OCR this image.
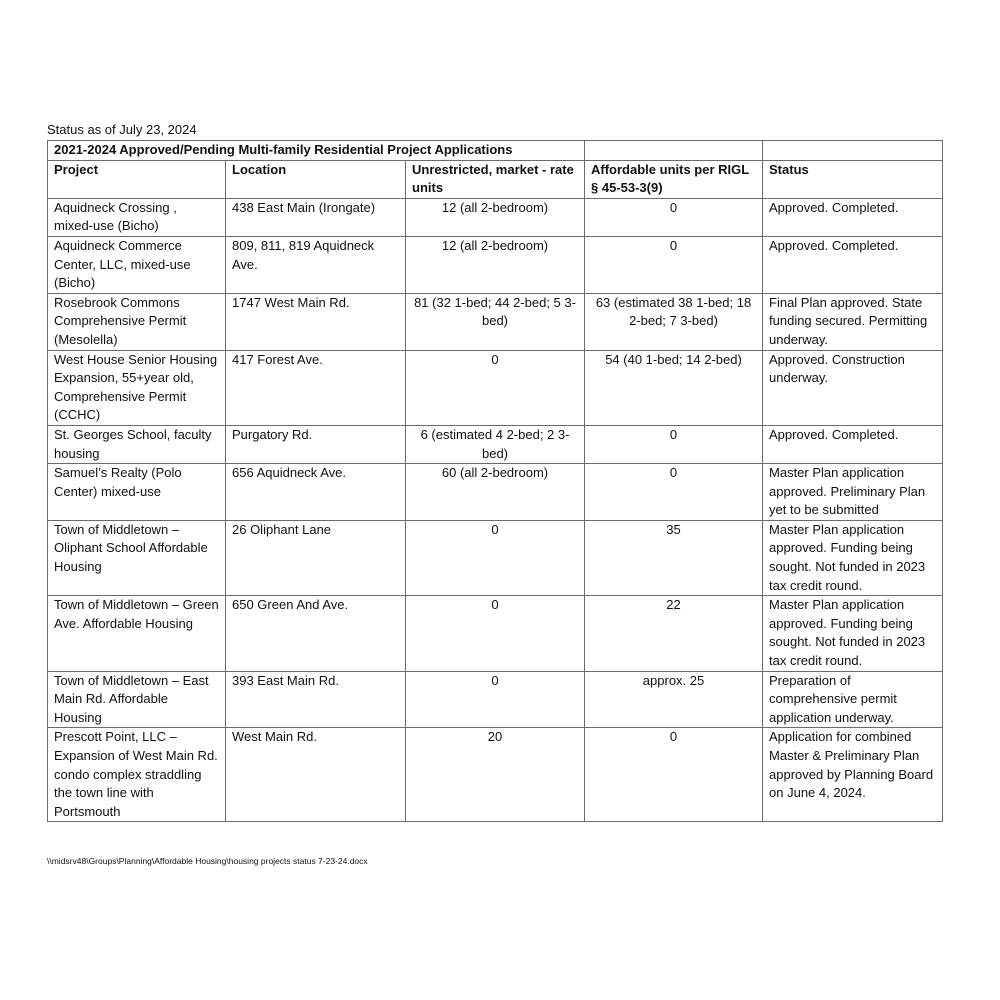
Status as of July 23, 2024
2021-2024 Approved/Pending Multi-family Residential Project Applications				
Project	Location	Unrestricted, market - rate units	Affordable units per RIGL § 45-53-3(9)	Status
Aquidneck Crossing , mixed-use (Bicho)	438 East Main (Irongate)	12 (all 2-bedroom)	0	Approved. Completed.
Aquidneck Commerce Center, LLC, mixed-use (Bicho)	809, 811, 819 Aquidneck Ave.	12 (all 2-bedroom)	0	Approved. Completed.
Rosebrook Commons Comprehensive Permit (Mesolella)	1747 West Main Rd.	81 (32 1-bed; 44 2-bed; 5 3-bed)	63 (estimated 38 1-bed; 18 2-bed; 7 3-bed)	Final Plan approved. State funding secured. Permitting underway.
West House Senior Housing Expansion, 55+year old, Comprehensive Permit (CCHC)	417 Forest Ave.	0	54 (40 1-bed; 14 2-bed)	Approved. Construction underway.
St. Georges School, faculty housing	Purgatory Rd.	6 (estimated 4 2-bed; 2 3-bed)	0	Approved. Completed.
Samuel’s Realty (Polo Center) mixed-use	656 Aquidneck Ave.	60 (all 2-bedroom)	0	Master Plan application approved. Preliminary Plan yet to be submitted
Town of Middletown – Oliphant School Affordable Housing	26 Oliphant Lane	0	35	Master Plan application approved. Funding being sought. Not funded in 2023 tax credit round.
Town of Middletown – Green Ave. Affordable Housing	650 Green And Ave.	0	22	Master Plan application approved. Funding being sought. Not funded in 2023 tax credit round.
Town of Middletown – East Main Rd. Affordable Housing	393 East Main Rd.	0	approx. 25	Preparation of comprehensive permit application underway.
Prescott Point, LLC – Expansion of West Main Rd. condo complex straddling the town line with Portsmouth	West Main Rd.	20	0	Application for combined Master & Preliminary Plan approved by Planning Board on June 4, 2024.
\\midsrv48\Groups\Planning\Affordable Housing\housing projects status 7-23-24.docx
